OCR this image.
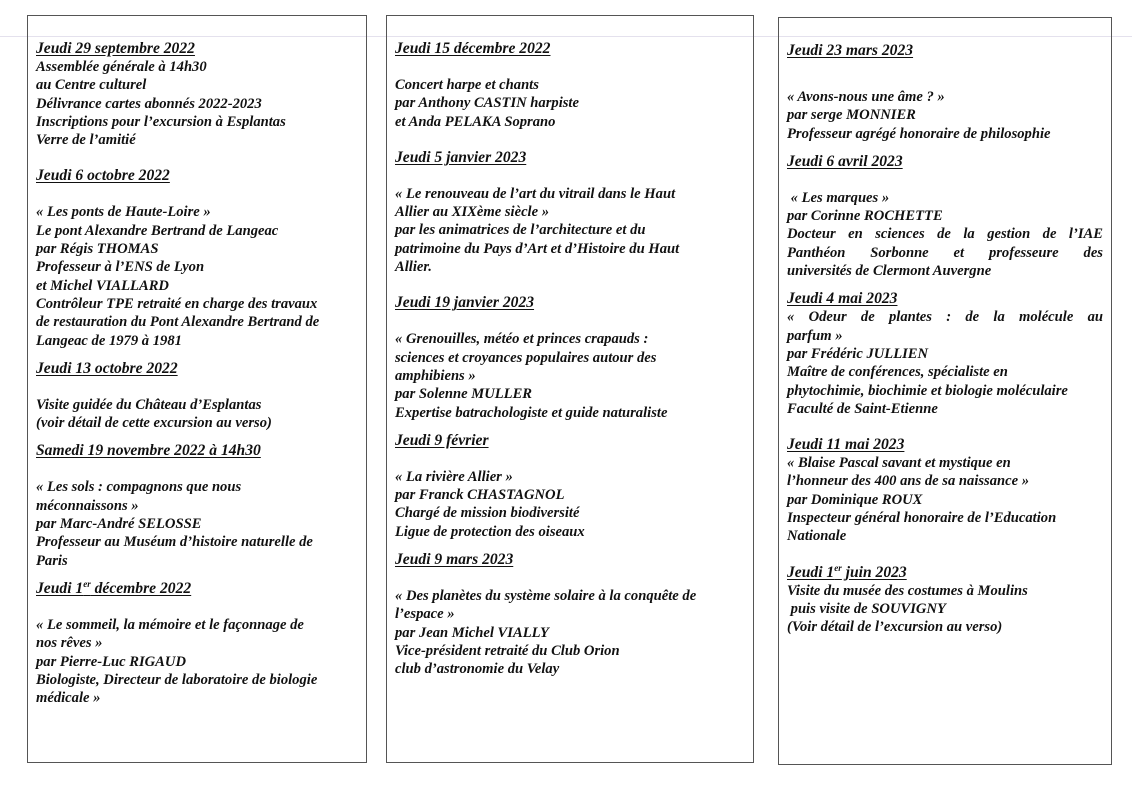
Jeudi 29 septembre 2022
Assemblée générale à 14h30
au Centre culturel
Délivrance cartes abonnés 2022-2023
Inscriptions pour l’excursion à Esplantas
Verre de l’amitié
Jeudi 6 octobre 2022
« Les ponts de Haute-Loire »
Le pont Alexandre Bertrand de Langeac
par Régis THOMAS
Professeur à l’ENS de Lyon
et Michel VIALLARD
Contrôleur TPE retraité en charge des travaux
de restauration du Pont Alexandre Bertrand de
Langeac de 1979 à 1981
Jeudi 13 octobre 2022
Visite guidée du Château d’Esplantas
(voir détail de cette excursion au verso)
Samedi 19 novembre 2022 à 14h30
« Les sols : compagnons que nous
méconnaissons »
par Marc-André SELOSSE
Professeur au Muséum d’histoire naturelle de
Paris
Jeudi 1er décembre 2022
« Le sommeil, la mémoire et le façonnage de
nos rêves »
par Pierre-Luc RIGAUD
Biologiste, Directeur de laboratoire de biologie
médicale »
Jeudi 15 décembre 2022
Concert harpe et chants
par Anthony CASTIN harpiste
et Anda PELAKA Soprano
Jeudi 5 janvier 2023
« Le renouveau de l’art du vitrail dans le Haut
Allier au XIXème siècle »
par les animatrices de l’architecture et du
patrimoine du Pays d’Art et d’Histoire du Haut
Allier.
Jeudi 19 janvier 2023
« Grenouilles, météo et princes crapauds :
sciences et croyances populaires autour des
amphibiens »
par Solenne MULLER
Expertise batrachologiste et guide naturaliste
Jeudi 9 février
« La rivière Allier »
par Franck CHASTAGNOL
Chargé de mission biodiversité
Ligue de protection des oiseaux
Jeudi 9 mars 2023
« Des planètes du système solaire à la conquête de
l’espace »
par Jean Michel VIALLY
Vice-président retraité du Club Orion
club d’astronomie du Velay
Jeudi 23 mars 2023
« Avons-nous une âme ? »
par serge MONNIER
Professeur agrégé honoraire de philosophie
Jeudi 6 avril 2023
« Les marques »
par Corinne ROCHETTE
Docteur en sciences de la gestion de l’IAE
Panthéon Sorbonne et professeure des
universités de Clermont Auvergne
Jeudi 4 mai 2023
« Odeur de plantes : de la molécule au
parfum »
par Frédéric JULLIEN
Maître de conférences, spécialiste en
phytochimie, biochimie et biologie moléculaire
Faculté de Saint-Etienne
Jeudi 11 mai 2023
« Blaise Pascal savant et mystique en
l’honneur des 400 ans de sa naissance »
par Dominique ROUX
Inspecteur général honoraire de l’Education
Nationale
Jeudi 1er juin 2023
Visite du musée des costumes à Moulins
puis visite de SOUVIGNY
(Voir détail de l’excursion au verso)
